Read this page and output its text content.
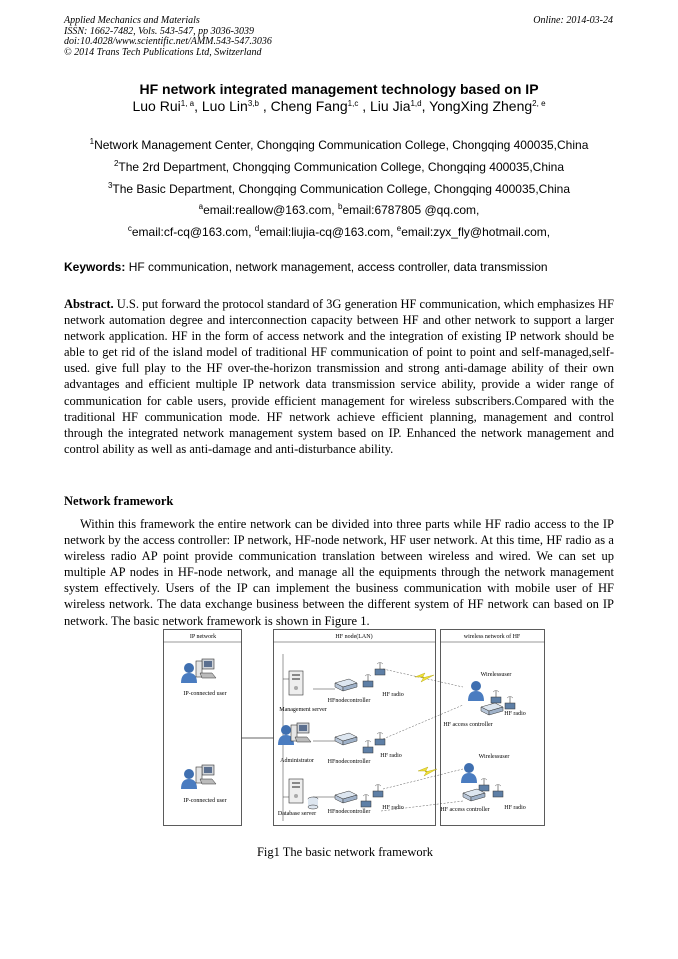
Applied Mechanics and Materials
ISSN: 1662-7482, Vols. 543-547, pp 3036-3039
doi:10.4028/www.scientific.net/AMM.543-547.3036
© 2014 Trans Tech Publications Ltd, Switzerland
Online: 2014-03-24
HF network integrated management technology based on IP
Luo Rui$^{1, a}$, Luo Lin$^{3,b}$ , Cheng Fang$^{1,c}$ , Liu Jia$^{1,d}$, YongXing Zheng$^{2, e}$
$^1$Network Management Center, Chongqing Communication College, Chongqing 400035,China
$^2$The 2rd Department, Chongqing Communication College, Chongqing 400035,China
$^3$The Basic Department, Chongqing Communication College, Chongqing 400035,China
$^a$email:reallow@163.com, $^b$email:6787805 @qq.com,
$^c$email:cf-cq@163.com, $^d$email:liujia-cq@163.com, $^e$email:zyx_fly@hotmail.com,
Keywords: HF communication, network management, access controller, data transmission
Abstract. U.S. put forward the protocol standard of 3G generation HF communication, which emphasizes HF network automation degree and interconnection capacity between HF and other network to support a larger network application. HF in the form of access network and the integration of existing IP network should be able to get rid of the island model of traditional HF communication of point to point and self-managed,self-used. give full play to the HF over-the-horizon transmission and strong anti-damage ability of their own advantages and efficient multiple IP network data transmission service ability, provide a wider range of communication for cable users, provide efficient management for wireless subscribers.Compared with the traditional HF communication mode. HF network achieve efficient planning, management and control through the integrated network management system based on IP. Enhanced the network management and control ability as well as anti-damage and anti-disturbance ability.
Network framework
Within this framework the entire network can be divided into three parts while HF radio access to the IP network by the access controller: IP network, HF-node network, HF user network. At this time, HF radio as a wireless radio AP point provide communication translation between wireless and wired. We can set up multiple AP nodes in HF-node network, and manage all the equipments through the network management system effectively. Users of the IP can implement the business communication with mobile user of HF wireless network. The data exchange business between the different system of HF network can based on IP network. The basic network framework is shown in Figure 1.
IP network	HF node(LAN)	wireless network of HF
IP-connected user
IP-connected user
Management server
Administrator
Database server
HFnodecontroller
HFnodecontroller
HFnodecontroller
HF radio
HF radio
HF radio
Wirelessuser
HF access controller
HF radio
Wirelessuser
HF access controller HF radio
Fig1 The basic network framework
